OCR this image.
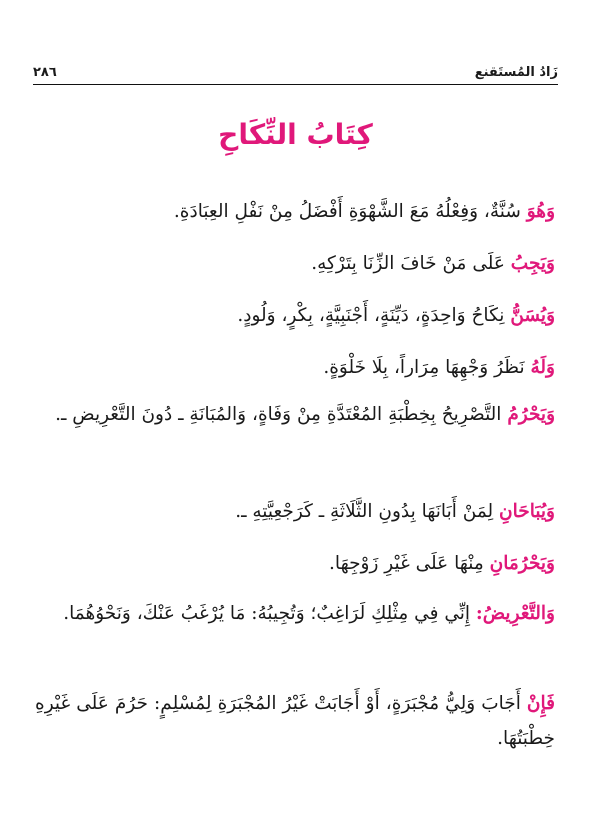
زَادُ المُستَقنع
٢٨٦
كِتَابُ النِّكَاحِ
وَهُوَ سُنَّةٌ، وَفِعْلُهُ مَعَ الشَّهْوَةِ أَفْضَلُ مِنْ نَفْلِ العِبَادَةِ.
وَيَجِبُ عَلَى مَنْ خَافَ الزِّنَا بِتَرْكِهِ.
وَيُسَنُّ نِكَاحُ وَاحِدَةٍ، دَيِّنَةٍ، أَجْنَبِيَّةٍ، بِكْرٍ، وَلُودٍ.
وَلَهُ نَظَرُ وَجْهِهَا مِرَاراً، بِلَا خَلْوَةٍ.
وَيَحْرُمُ التَّصْرِيحُ بِخِطْبَةِ المُعْتَدَّةِ مِنْ وَفَاةٍ، وَالمُبَانَةِ ـ دُونَ التَّعْرِيضِ ـ.
وَيُبَاحَانِ لِمَنْ أَبَانَهَا بِدُونِ الثَّلَاثَةِ ـ كَرَجْعِيَّتِهِ ـ.
وَيَحْرُمَانِ مِنْهَا عَلَى غَيْرِ زَوْجِهَا.
وَالتَّعْرِيضُ: إِنِّي فِي مِثْلِكِ لَرَاغِبٌ؛ وَتُجِيبُهُ: مَا يُرْغَبُ عَنْكَ، وَنَحْوُهُمَا.
فَإِنْ أَجَابَ وَلِيُّ مُجْبَرَةٍ، أَوْ أَجَابَتْ غَيْرُ المُجْبَرَةِ لِمُسْلِمٍ: حَرُمَ عَلَى غَيْرِهِ خِطْبَتُهَا.
